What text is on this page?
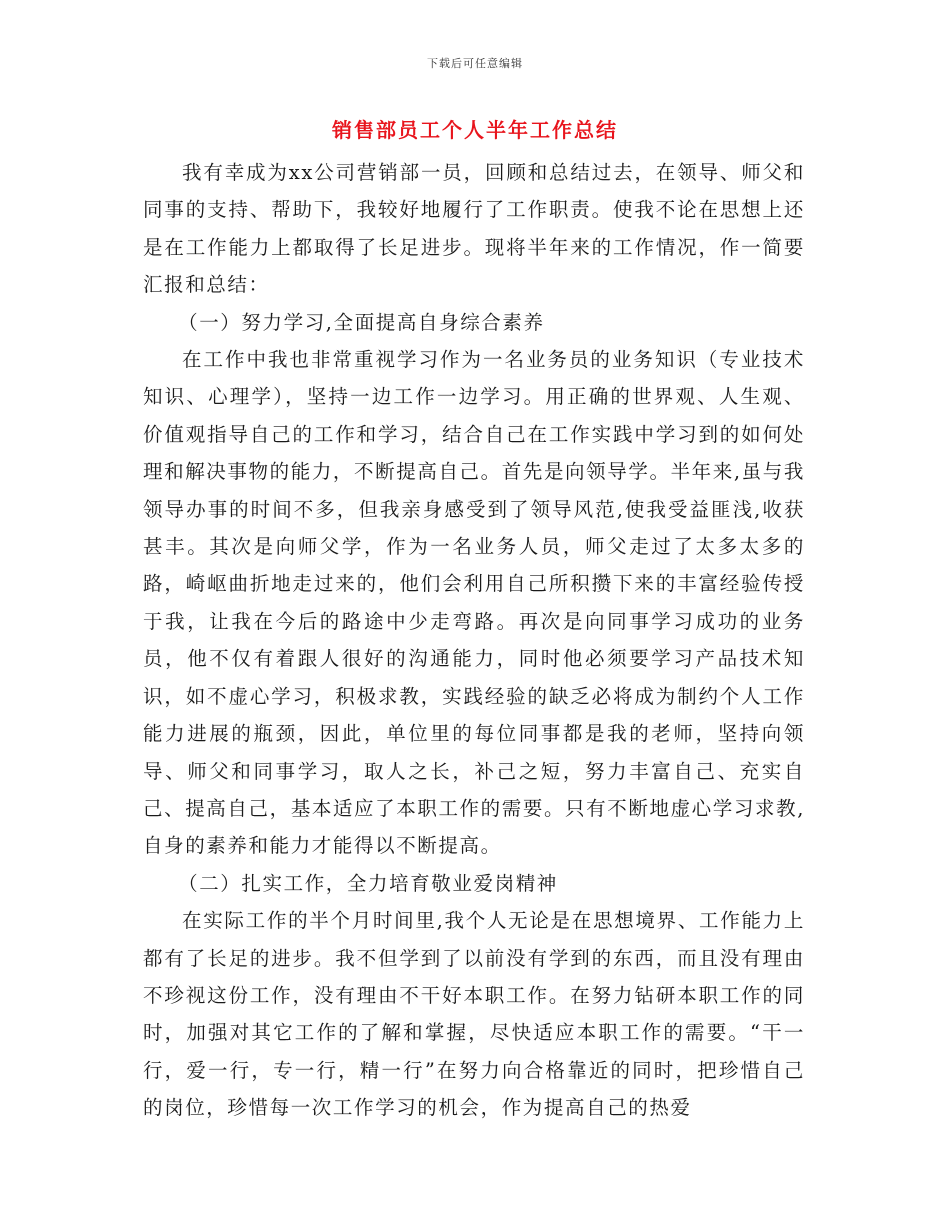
下载后可任意编辑
销售部员工个人半年工作总结

我有幸成为xx公司营销部一员，回顾和总结过去，在领导、师父和同事的支持、帮助下，我较好地履行了工作职责。使我不论在思想上还是在工作能力上都取得了长足进步。现将半年来的工作情况，作一简要汇报和总结：

（一）努力学习,全面提高自身综合素养

在工作中我也非常重视学习作为一名业务员的业务知识（专业技术知识、心理学），坚持一边工作一边学习。用正确的世界观、人生观、价值观指导自己的工作和学习，结合自己在工作实践中学习到的如何处理和解决事物的能力，不断提高自己。首先是向领导学。半年来,虽与我领导办事的时间不多，但我亲身感受到了领导风范,使我受益匪浅,收获甚丰。其次是向师父学，作为一名业务人员，师父走过了太多太多的路，崎岖曲折地走过来的，他们会利用自己所积攒下来的丰富经验传授于我，让我在今后的路途中少走弯路。再次是向同事学习成功的业务员，他不仅有着跟人很好的沟通能力，同时他必须要学习产品技术知识，如不虚心学习，积极求教，实践经验的缺乏必将成为制约个人工作能力进展的瓶颈，因此，单位里的每位同事都是我的老师，坚持向领导、师父和同事学习，取人之长，补己之短，努力丰富自己、充实自己、提高自己，基本适应了本职工作的需要。只有不断地虚心学习求教,自身的素养和能力才能得以不断提高。

（二）扎实工作，全力培育敬业爱岗精神

在实际工作的半个月时间里,我个人无论是在思想境界、工作能力上都有了长足的进步。我不但学到了以前没有学到的东西，而且没有理由不珍视这份工作，没有理由不干好本职工作。在努力钻研本职工作的同时，加强对其它工作的了解和掌握，尽快适应本职工作的需要。“干一行，爱一行，专一行，精一行”在努力向合格靠近的同时，把珍惜自己的岗位，珍惜每一次工作学习的机会，作为提高自己的热爱
